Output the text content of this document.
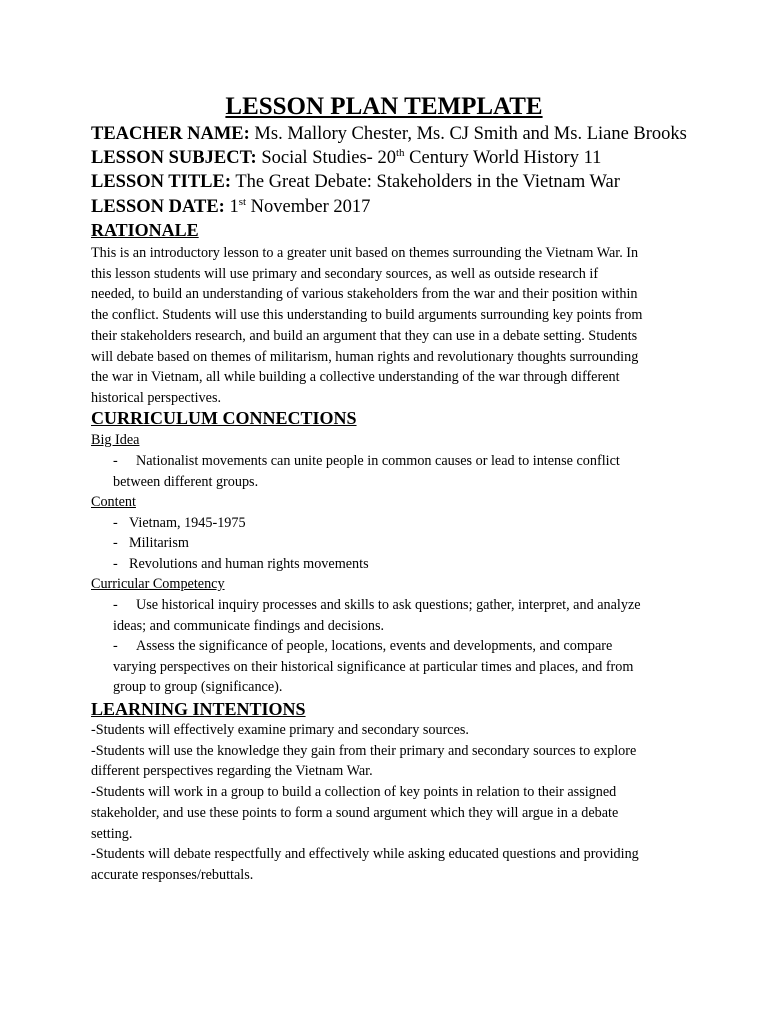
LESSON PLAN TEMPLATE
TEACHER NAME: Ms. Mallory Chester, Ms. CJ Smith and Ms. Liane Brooks
LESSON SUBJECT: Social Studies- 20th Century World History 11
LESSON TITLE: The Great Debate: Stakeholders in the Vietnam War
LESSON DATE: 1st November 2017
RATIONALE
This is an introductory lesson to a greater unit based on themes surrounding the Vietnam War. In
this lesson students will use primary and secondary sources, as well as outside research if
needed, to build an understanding of various stakeholders from the war and their position within
the conflict. Students will use this understanding to build arguments surrounding key points from
their stakeholders research, and build an argument that they can use in a debate setting. Students
will debate based on themes of militarism, human rights and revolutionary thoughts surrounding
the war in Vietnam, all while building a collective understanding of the war through different
historical perspectives.
CURRICULUM CONNECTIONS
Big Idea
- Nationalist movements can unite people in common causes or lead to intense conflict
between different groups.
Content
- Vietnam, 1945-1975
- Militarism
- Revolutions and human rights movements
Curricular Competency
- Use historical inquiry processes and skills to ask questions; gather, interpret, and analyze
ideas; and communicate findings and decisions.
- Assess the significance of people, locations, events and developments, and compare
varying perspectives on their historical significance at particular times and places, and from
group to group (significance).
LEARNING INTENTIONS
-Students will effectively examine primary and secondary sources.
-Students will use the knowledge they gain from their primary and secondary sources to explore
different perspectives regarding the Vietnam War.
-Students will work in a group to build a collection of key points in relation to their assigned
stakeholder, and use these points to form a sound argument which they will argue in a debate
setting.
-Students will debate respectfully and effectively while asking educated questions and providing
accurate responses/rebuttals.
